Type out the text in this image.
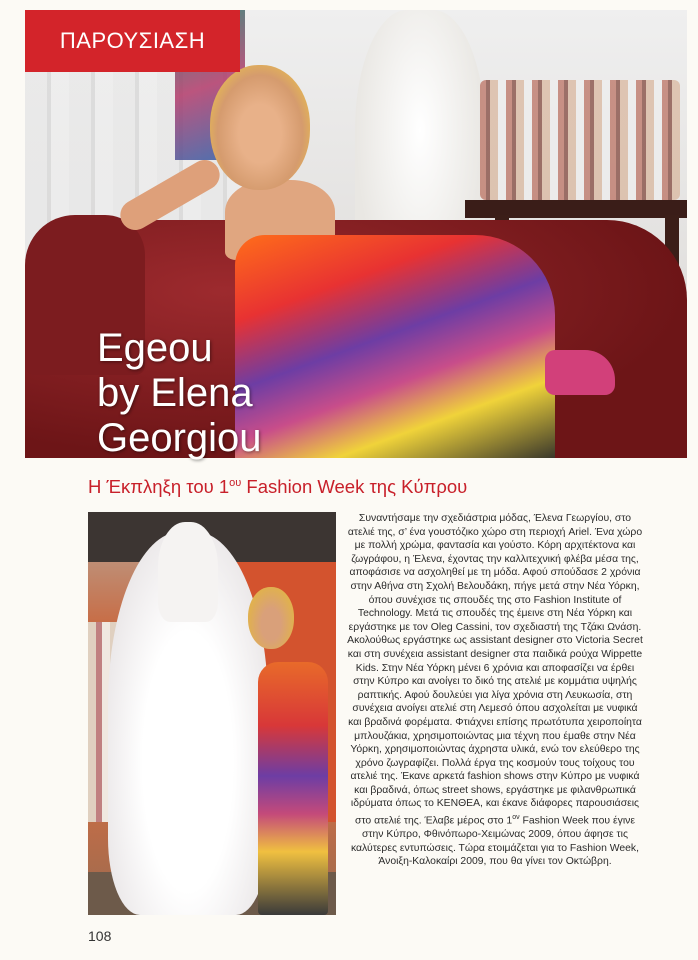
ΠΑΡΟΥΣΙΑΣΗ
Egeou
by Elena
Georgiou
Η Έκπληξη του $1^{o\upsilon}$ Fashion Week της Κύπρου
Συναντήσαμε την σχεδιάστρια μόδας, Έλενα Γεωργίου, στο ατελιέ της, σ’ ένα γουστόζικο χώρο στη περιοχή Ariel. Ένα χώρο με πολλή χρώμα, φαντασία και γούστο. Κόρη αρχιτέκτονα και ζωγράφου, η Έλενα, έχοντας την καλλιτεχνική φλέβα μέσα της, αποφάσισε να ασχοληθεί με τη μόδα. Αφού σπούδασε 2 χρόνια στην Αθήνα στη Σχολή Βελουδάκη, πήγε μετά στην Νέα Υόρκη, όπου συνέχισε τις σπουδές της στο Fashion Institute of Technology. Μετά τις σπουδές της έμεινε στη Νέα Υόρκη και εργάστηκε με τον Oleg Cassini, τον σχεδιαστή της Τζάκι Ωνάση. Ακολούθως εργάστηκε ως assistant designer στο Victoria Secret και στη συνέχεια assistant designer στα παιδικά ρούχα Wippette Kids. Στην Νέα Υόρκη μένει 6 χρόνια και αποφασίζει να έρθει στην Κύπρο και ανοίγει το δικό της ατελιέ με κομμάτια υψηλής ραπτικής. Αφού δουλεύει για λίγα χρόνια στη Λευκωσία, στη συνέχεια ανοίγει ατελιέ στη Λεμεσό όπου ασχολείται με νυφικά και βραδινά φορέματα. Φτιάχνει επίσης πρωτότυπα χειροποίητα μπλουζάκια, χρησιμοποιώντας μια τέχνη που έμαθε στην Νέα Υόρκη, χρησιμοποιώντας άχρηστα υλικά, ενώ τον ελεύθερο της χρόνο ζωγραφίζει. Πολλά έργα της κοσμούν τους τοίχους του ατελιέ της. Έκανε αρκετά fashion shows στην Κύπρο με νυφικά και βραδινά, όπως street shows, εργάστηκε με φιλανθρωπικά ιδρύματα όπως το ΚΕΝΘΕΑ, και έκανε διάφορες παρουσιάσεις στο ατελιέ της. Έλαβε μέρος στο $1^{o\nu}$ Fashion Week που έγινε στην Κύπρο, Φθινόπωρο-Χειμώνας 2009, όπου άφησε τις καλύτερες εντυπώσεις. Τώρα ετοιμάζεται για το Fashion Week, Άνοιξη-Καλοκαίρι 2009, που θα γίνει τον Οκτώβρη.
108
